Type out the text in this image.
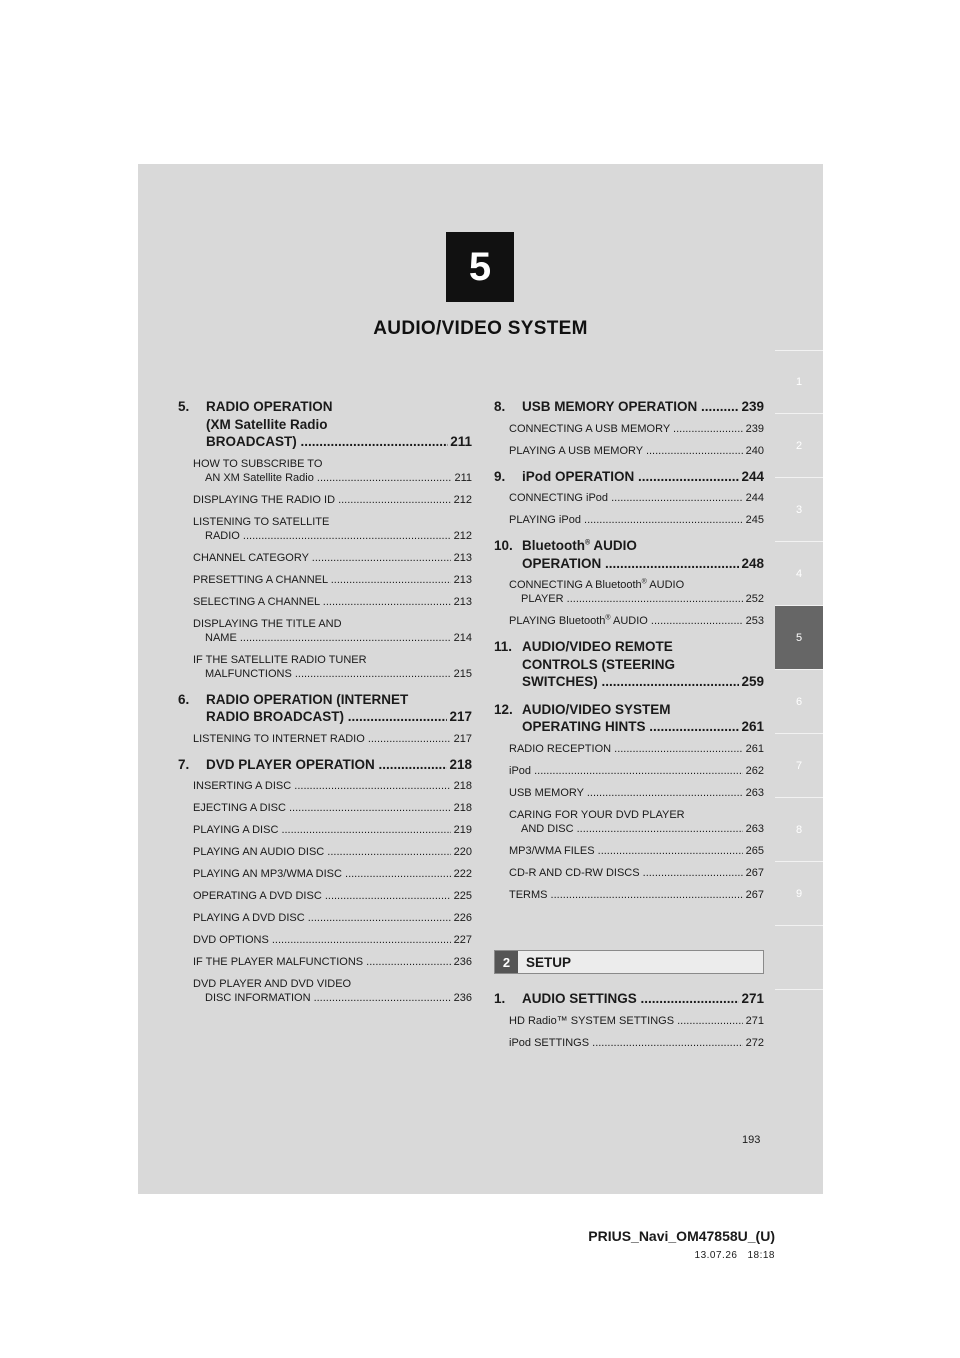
5
AUDIO/VIDEO SYSTEM
1
2
3
4
5
6
7
8
9
5.	RADIO OPERATION
(XM Satellite Radio
BROADCAST) .....	211
HOW TO SUBSCRIBE TO
AN XM Satellite Radio .....	211
DISPLAYING THE RADIO ID .....	212
LISTENING TO SATELLITE
RADIO .....	212
CHANNEL CATEGORY .....	213
PRESETTING A CHANNEL .....	213
SELECTING A CHANNEL .....	213
DISPLAYING THE TITLE AND
NAME .....	214
IF THE SATELLITE RADIO TUNER
MALFUNCTIONS .....	215
6.	RADIO OPERATION (INTERNET
RADIO BROADCAST) .....	217
LISTENING TO INTERNET RADIO .....	217
7.	DVD PLAYER OPERATION .....	218
INSERTING A DISC .....	218
EJECTING A DISC .....	218
PLAYING A DISC .....	219
PLAYING AN AUDIO DISC .....	220
PLAYING AN MP3/WMA DISC .....	222
OPERATING A DVD DISC .....	225
PLAYING A DVD DISC .....	226
DVD OPTIONS .....	227
IF THE PLAYER MALFUNCTIONS .....	236
DVD PLAYER AND DVD VIDEO
DISC INFORMATION .....	236
8.	USB MEMORY OPERATION .....	239
CONNECTING A USB MEMORY .....	239
PLAYING A USB MEMORY .....	240
9.	iPod OPERATION .....	244
CONNECTING iPod .....	244
PLAYING iPod .....	245
10. Bluetooth® AUDIO
OPERATION .....	248
CONNECTING A Bluetooth® AUDIO
PLAYER .....	252
PLAYING Bluetooth® AUDIO .....	253
11. AUDIO/VIDEO REMOTE
CONTROLS (STEERING
SWITCHES) .....	259
12. AUDIO/VIDEO SYSTEM
OPERATING HINTS .....	261
RADIO RECEPTION .....	261
iPod .....	262
USB MEMORY .....	263
CARING FOR YOUR DVD PLAYER
AND DISC .....	263
MP3/WMA FILES .....	265
CD-R AND CD-RW DISCS .....	267
TERMS .....	267
2	SETUP
1.	AUDIO SETTINGS .....	271
HD Radio™ SYSTEM SETTINGS .....	271
iPod SETTINGS .....	272
193
PRIUS_Navi_OM47858U_(U)
13.07.26 18:18
